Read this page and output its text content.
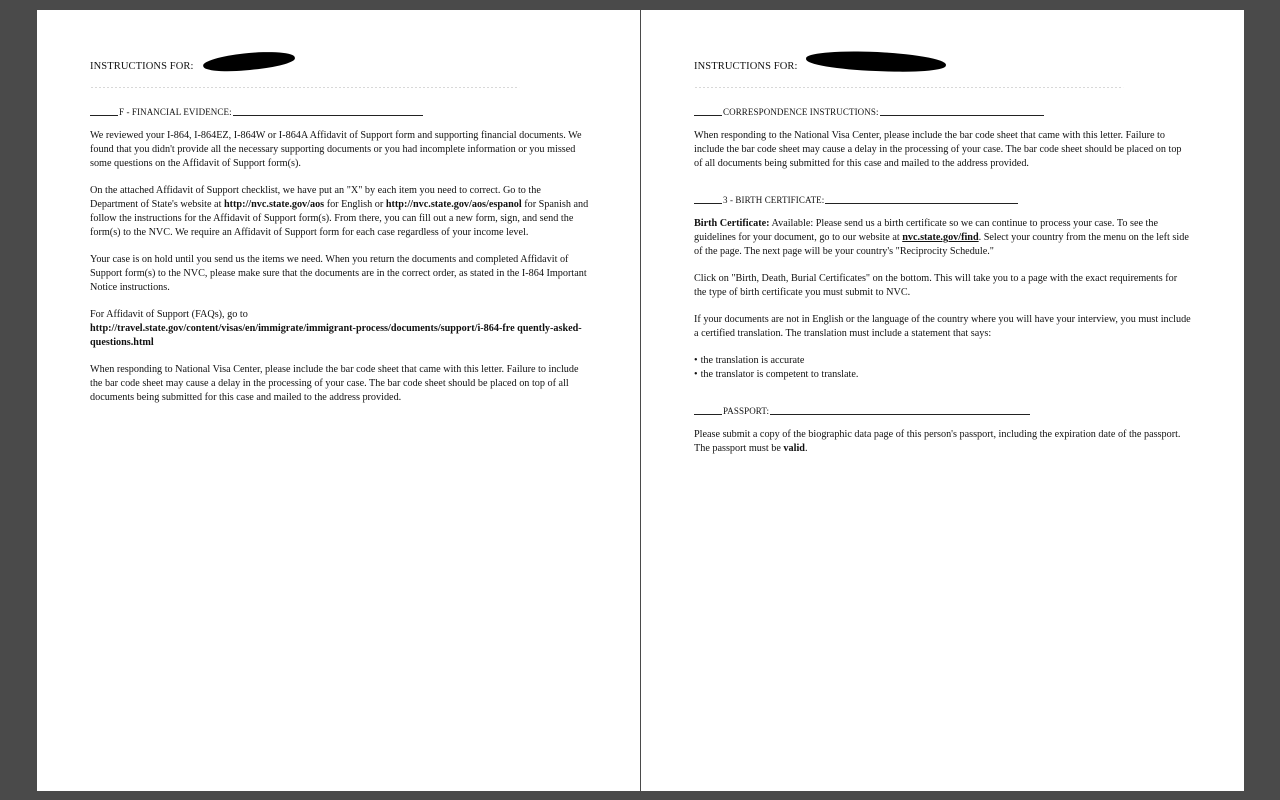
INSTRUCTIONS FOR:
F - FINANCIAL EVIDENCE:

We reviewed your I-864, I-864EZ, I-864W or I-864A Affidavit of Support form and supporting financial documents. We found that you didn't provide all the necessary supporting documents or you had incomplete information or you missed some questions on the Affidavit of Support form(s).

On the attached Affidavit of Support checklist, we have put an "X" by each item you need to correct. Go to the Department of State's website at http://nvc.state.gov/aos for English or http://nvc.state.gov/aos/espanol for Spanish and follow the instructions for the Affidavit of Support form(s). From there, you can fill out a new form, sign, and send the form(s) to the NVC. We require an Affidavit of Support form for each case regardless of your income level.

Your case is on hold until you send us the items we need. When you return the documents and completed Affidavit of Support form(s) to the NVC, please make sure that the documents are in the correct order, as stated in the I-864 Important Notice instructions.

For Affidavit of Support (FAQs), go to
http://travel.state.gov/content/visas/en/immigrate/immigrant-process/documents/support/i-864-fre quently-asked-questions.html

When responding to National Visa Center, please include the bar code sheet that came with this letter. Failure to include the bar code sheet may cause a delay in the processing of your case. The bar code sheet should be placed on top of all documents being submitted for this case and mailed to the address provided.

INSTRUCTIONS FOR:
CORRESPONDENCE INSTRUCTIONS:

When responding to the National Visa Center, please include the bar code sheet that came with this letter. Failure to include the bar code sheet may cause a delay in the processing of your case. The bar code sheet should be placed on top of all documents being submitted for this case and mailed to the address provided.

3 - BIRTH CERTIFICATE:

Birth Certificate: Available: Please send us a birth certificate so we can continue to process your case. To see the guidelines for your document, go to our website at nvc.state.gov/find. Select your country from the menu on the left side of the page. The next page will be your country's "Reciprocity Schedule."

Click on "Birth, Death, Burial Certificates" on the bottom. This will take you to a page with the exact requirements for the type of birth certificate you must submit to NVC.

If your documents are not in English or the language of the country where you will have your interview, you must include a certified translation. The translation must include a statement that says:

• the translation is accurate
• the translator is competent to translate.
PASSPORT:

Please submit a copy of the biographic data page of this person's passport, including the expiration date of the passport. The passport must be valid.
